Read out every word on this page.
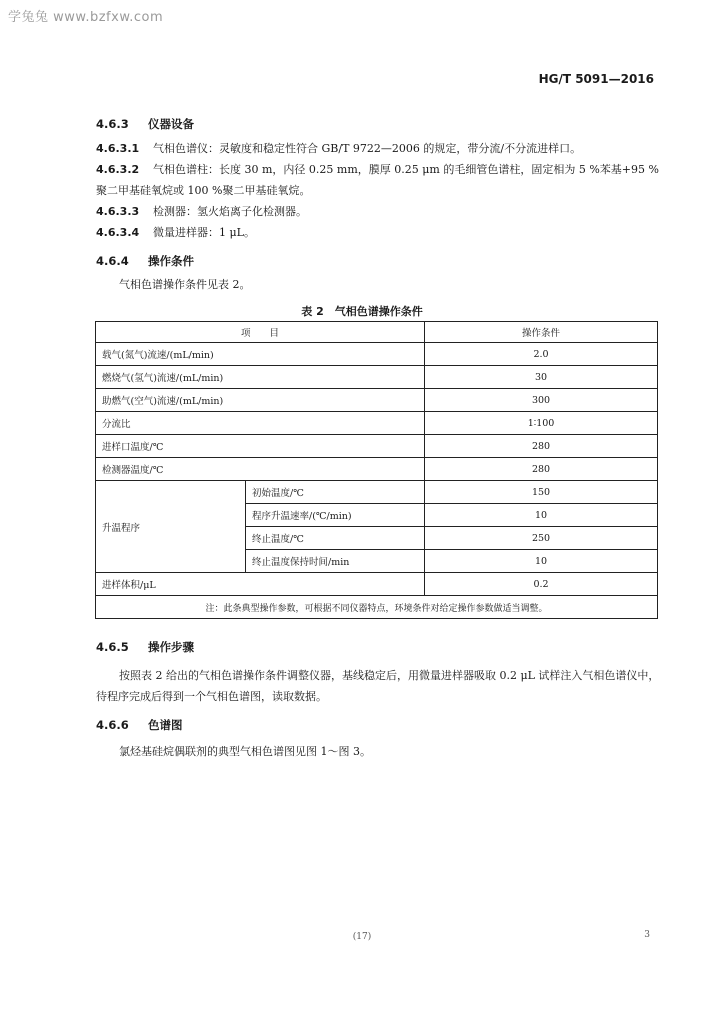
学兔兔 www.bzfxw.com
HG/T 5091—2016
4.6.3 仪器设备
4.6.3.1 气相色谱仪：灵敏度和稳定性符合 GB/T 9722—2006 的规定，带分流/不分流进样口。
4.6.3.2 气相色谱柱：长度 30 m，内径 0.25 mm，膜厚 0.25 μm 的毛细管色谱柱，固定相为 5 %苯基+95 %聚二甲基硅氧烷或 100 %聚二甲基硅氧烷。
4.6.3.3 检测器：氢火焰离子化检测器。
4.6.3.4 微量进样器：1 μL。
4.6.4 操作条件
气相色谱操作条件见表 2。
表 2　气相色谱操作条件
项　　目		操作条件
载气(氮气)流速/(mL/min)		2.0
燃烧气(氢气)流速/(mL/min)		30
助燃气(空气)流速/(mL/min)		300
分流比		1∶100
进样口温度/℃		280
检测器温度/℃		280
升温程序	初始温度/℃	150
	程序升温速率/(℃/min)	10
	终止温度/℃	250
	终止温度保持时间/min	10
进样体积/μL		0.2
注：此条典型操作参数，可根据不同仪器特点，环境条件对给定操作参数做适当调整。		
4.6.5 操作步骤
按照表 2 给出的气相色谱操作条件调整仪器，基线稳定后，用微量进样器吸取 0.2 μL 试样注入气相色谱仪中，待程序完成后得到一个气相色谱图，读取数据。
4.6.6 色谱图
氯烃基硅烷偶联剂的典型气相色谱图见图 1～图 3。
(17)	3
